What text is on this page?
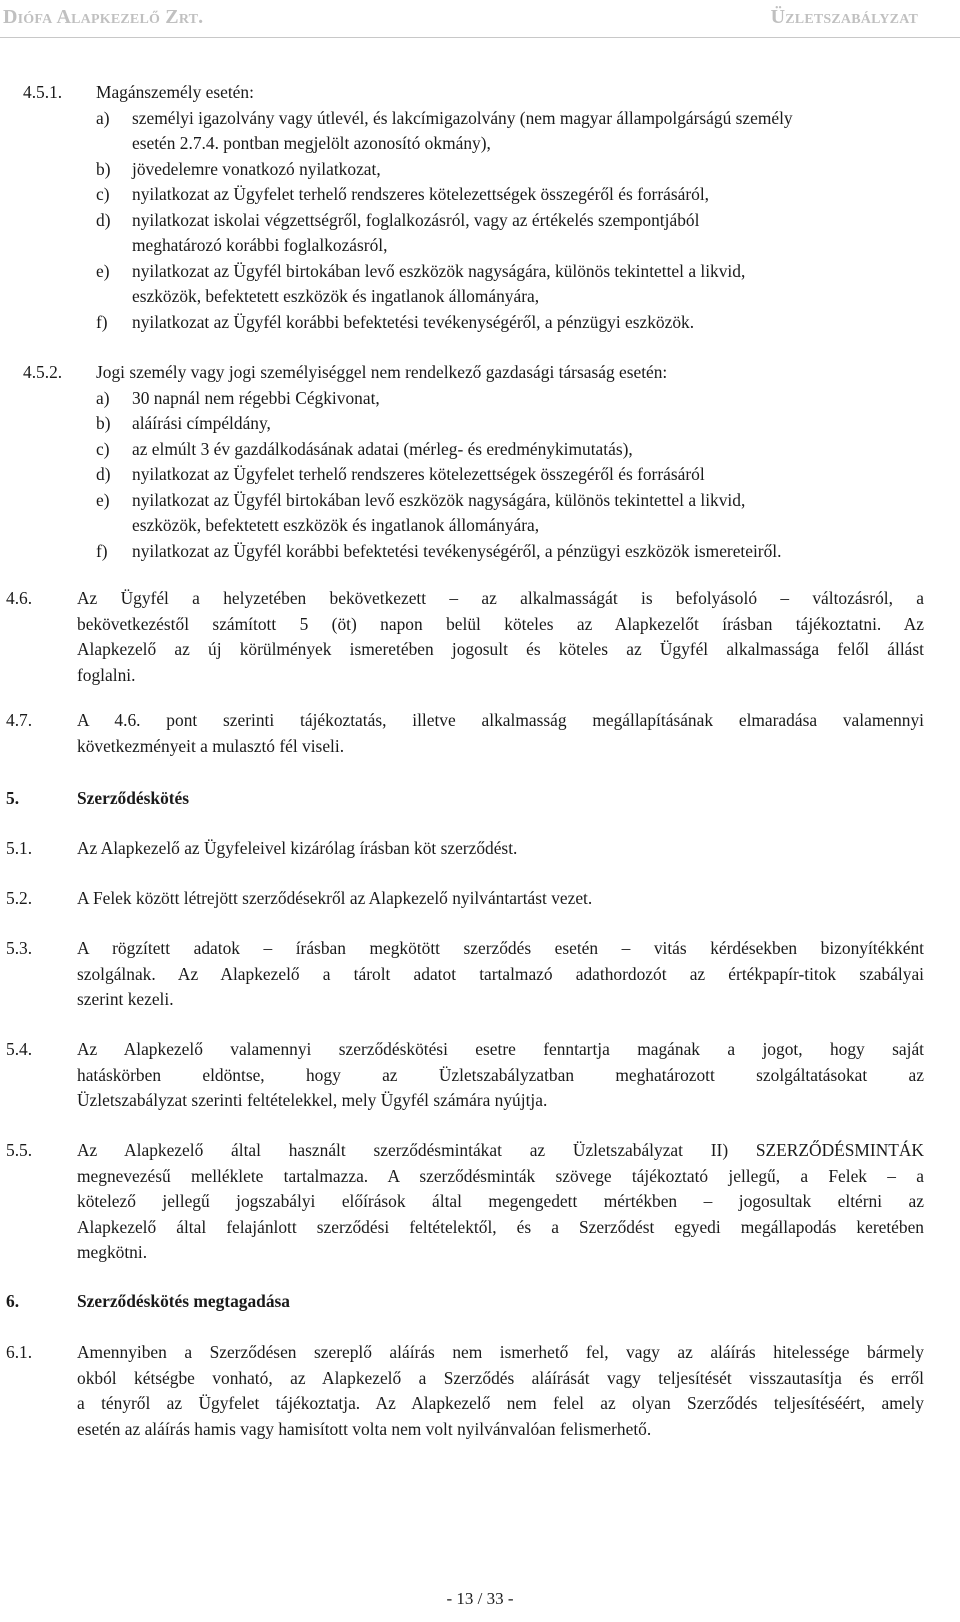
Diófa Alapkezelő Zrt.	Üzletszabályzat
4.5.1. Magánszemély esetén:
a) személyi igazolvány vagy útlevél, és lakcímigazolvány (nem magyar állampolgárságú személy
esetén 2.7.4. pontban megjelölt azonosító okmány),
b) jövedelemre vonatkozó nyilatkozat,
c) nyilatkozat az Ügyfelet terhelő rendszeres kötelezettségek összegéről és forrásáról,
d) nyilatkozat iskolai végzettségről, foglalkozásról, vagy az értékelés szempontjából
meghatározó korábbi foglalkozásról,
e) nyilatkozat az Ügyfél birtokában levő eszközök nagyságára, különös tekintettel a likvid,
eszközök, befektetett eszközök és ingatlanok állományára,
f) nyilatkozat az Ügyfél korábbi befektetési tevékenységéről, a pénzügyi eszközök.
4.5.2. Jogi személy vagy jogi személyiséggel nem rendelkező gazdasági társaság esetén:
a) 30 napnál nem régebbi Cégkivonat,
b) aláírási címpéldány,
c) az elmúlt 3 év gazdálkodásának adatai (mérleg- és eredménykimutatás),
d) nyilatkozat az Ügyfelet terhelő rendszeres kötelezettségek összegéről és forrásáról
e) nyilatkozat az Ügyfél birtokában levő eszközök nagyságára, különös tekintettel a likvid,
eszközök, befektetett eszközök és ingatlanok állományára,
f) nyilatkozat az Ügyfél korábbi befektetési tevékenységéről, a pénzügyi eszközök ismereteiről.
4.6.	Az Ügyfél a helyzetében bekövetkezett – az alkalmasságát is befolyásoló – változásról, a
bekövetkezéstől számított 5 (öt) napon belül köteles az Alapkezelőt írásban tájékoztatni. Az
Alapkezelő az új körülmények ismeretében jogosult és köteles az Ügyfél alkalmassága felől állást
foglalni.
4.7.	A 4.6. pont szerinti tájékoztatás, illetve alkalmasság megállapításának elmaradása valamennyi
következményeit a mulasztó fél viseli.
5.	Szerződéskötés
5.1.	Az Alapkezelő az Ügyfeleivel kizárólag írásban köt szerződést.
5.2.	A Felek között létrejött szerződésekről az Alapkezelő nyilvántartást vezet.
5.3.	A rögzített adatok – írásban megkötött szerződés esetén – vitás kérdésekben bizonyítékként
szolgálnak. Az Alapkezelő a tárolt adatot tartalmazó adathordozót az értékpapír-titok szabályai
szerint kezeli.
5.4.	Az Alapkezelő valamennyi szerződéskötési esetre fenntartja magának a jogot, hogy saját
hatáskörben eldöntse, hogy az Üzletszabályzatban meghatározott szolgáltatásokat az
Üzletszabályzat szerinti feltételekkel, mely Ügyfél számára nyújtja.
5.5.	Az Alapkezelő által használt szerződésmintákat az Üzletszabályzat II) SZERZŐDÉSMINTÁK
megnevezésű melléklete tartalmazza. A szerződésminták szövege tájékoztató jellegű, a Felek – a
kötelező jellegű jogszabályi előírások által megengedett mértékben – jogosultak eltérni az
Alapkezelő által felajánlott szerződési feltételektől, és a Szerződést egyedi megállapodás keretében
megkötni.
6.	Szerződéskötés megtagadása
6.1.	Amennyiben a Szerződésen szereplő aláírás nem ismerhető fel, vagy az aláírás hitelessége bármely
okból kétségbe vonható, az Alapkezelő a Szerződés aláírását vagy teljesítését visszautasítja és erről
a tényről az Ügyfelet tájékoztatja. Az Alapkezelő nem felel az olyan Szerződés teljesítéséért, amely
esetén az aláírás hamis vagy hamisított volta nem volt nyilvánvalóan felismerhető.
- 13 / 33 -
